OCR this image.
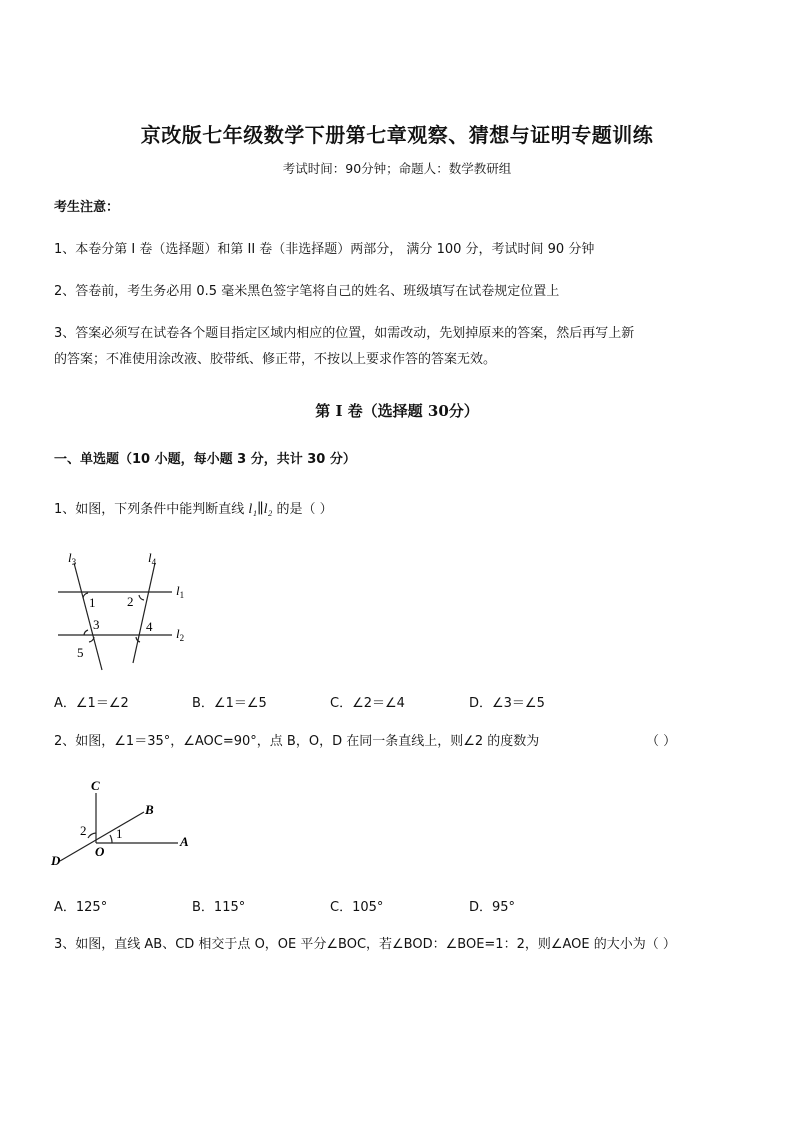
京改版七年级数学下册第七章观察、猜想与证明专题训练
考试时间：90分钟；命题人：数学教研组
考生注意：
1、本卷分第 I 卷（选择题）和第 II 卷（非选择题）两部分， 满分 100 分，考试时间 90 分钟
2、答卷前，考生务必用 0.5 毫米黑色签字笔将自己的姓名、班级填写在试卷规定位置上
3、答案必须写在试卷各个题目指定区域内相应的位置，如需改动，先划掉原来的答案，然后再写上新
的答案；不准使用涂改液、胶带纸、修正带，不按以上要求作答的答案无效。
第 I 卷（选择题 30分）
一、单选题（10 小题，每小题 3 分，共计 30 分）
1、如图，下列条件中能判断直线 l₁∥l₂ 的是（ ）
$l_3$	$l_4$
$l_1$
$l_2$
1 2
3	4
5
A．∠1＝∠2	B．∠1＝∠5	C．∠2＝∠4	D．∠3＝∠5
2、如图，∠1＝35°，∠AOC=90°，点 B，O，D 在同一条直线上，则∠2 的度数为	（ ）
C
B
2 1
O
A
D
A．125°	B．115°	C．105°	D．95°
3、如图，直线 AB、CD 相交于点 O，OE 平分∠BOC，若∠BOD：∠BOE=1：2，则∠AOE 的大小为（ ）
